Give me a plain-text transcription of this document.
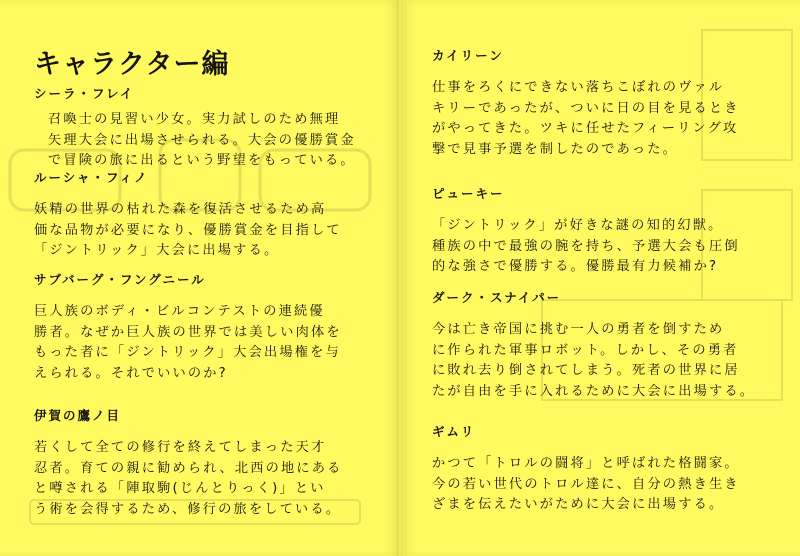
キャラクター編
シーラ・フレイ
召喚士の見習い少女。実力試しのため無理
矢理大会に出場させられる。大会の優勝賞金
で冒険の旅に出るという野望をもっている。
ルーシャ・フィノ
妖精の世界の枯れた森を復活させるため高
価な品物が必要になり、優勝賞金を目指して
「ジントリック」大会に出場する。
サブバーグ・フングニール
巨人族のボディ・ビルコンテストの連続優
勝者。なぜか巨人族の世界では美しい肉体を
もった者に「ジントリック」大会出場権を与
えられる。それでいいのか?
伊賀の鷹ノ目
若くして全ての修行を終えてしまった天才
忍者。育ての親に勧められ、北西の地にある
と噂される「陣取駒(じんとりっく)」とい
う術を会得するため、修行の旅をしている。
カイリーン
仕事をろくにできない落ちこぼれのヴァル
キリーであったが、ついに日の目を見るとき
がやってきた。ツキに任せたフィーリング攻
撃で見事予選を制したのであった。
ピューキー
「ジントリック」が好きな謎の知的幻獣。
種族の中で最強の腕を持ち、予選大会も圧倒
的な強さで優勝する。優勝最有力候補か?
ダーク・スナイパー
今は亡き帝国に挑む一人の勇者を倒すため
に作られた軍事ロボット。しかし、その勇者
に敗れ去り倒されてしまう。死者の世界に居
たが自由を手に入れるために大会に出場する。
ギムリ
かつて「トロルの闘将」と呼ばれた格闘家。
今の若い世代のトロル達に、自分の熱き生き
ざまを伝えたいがために大会に出場する。
